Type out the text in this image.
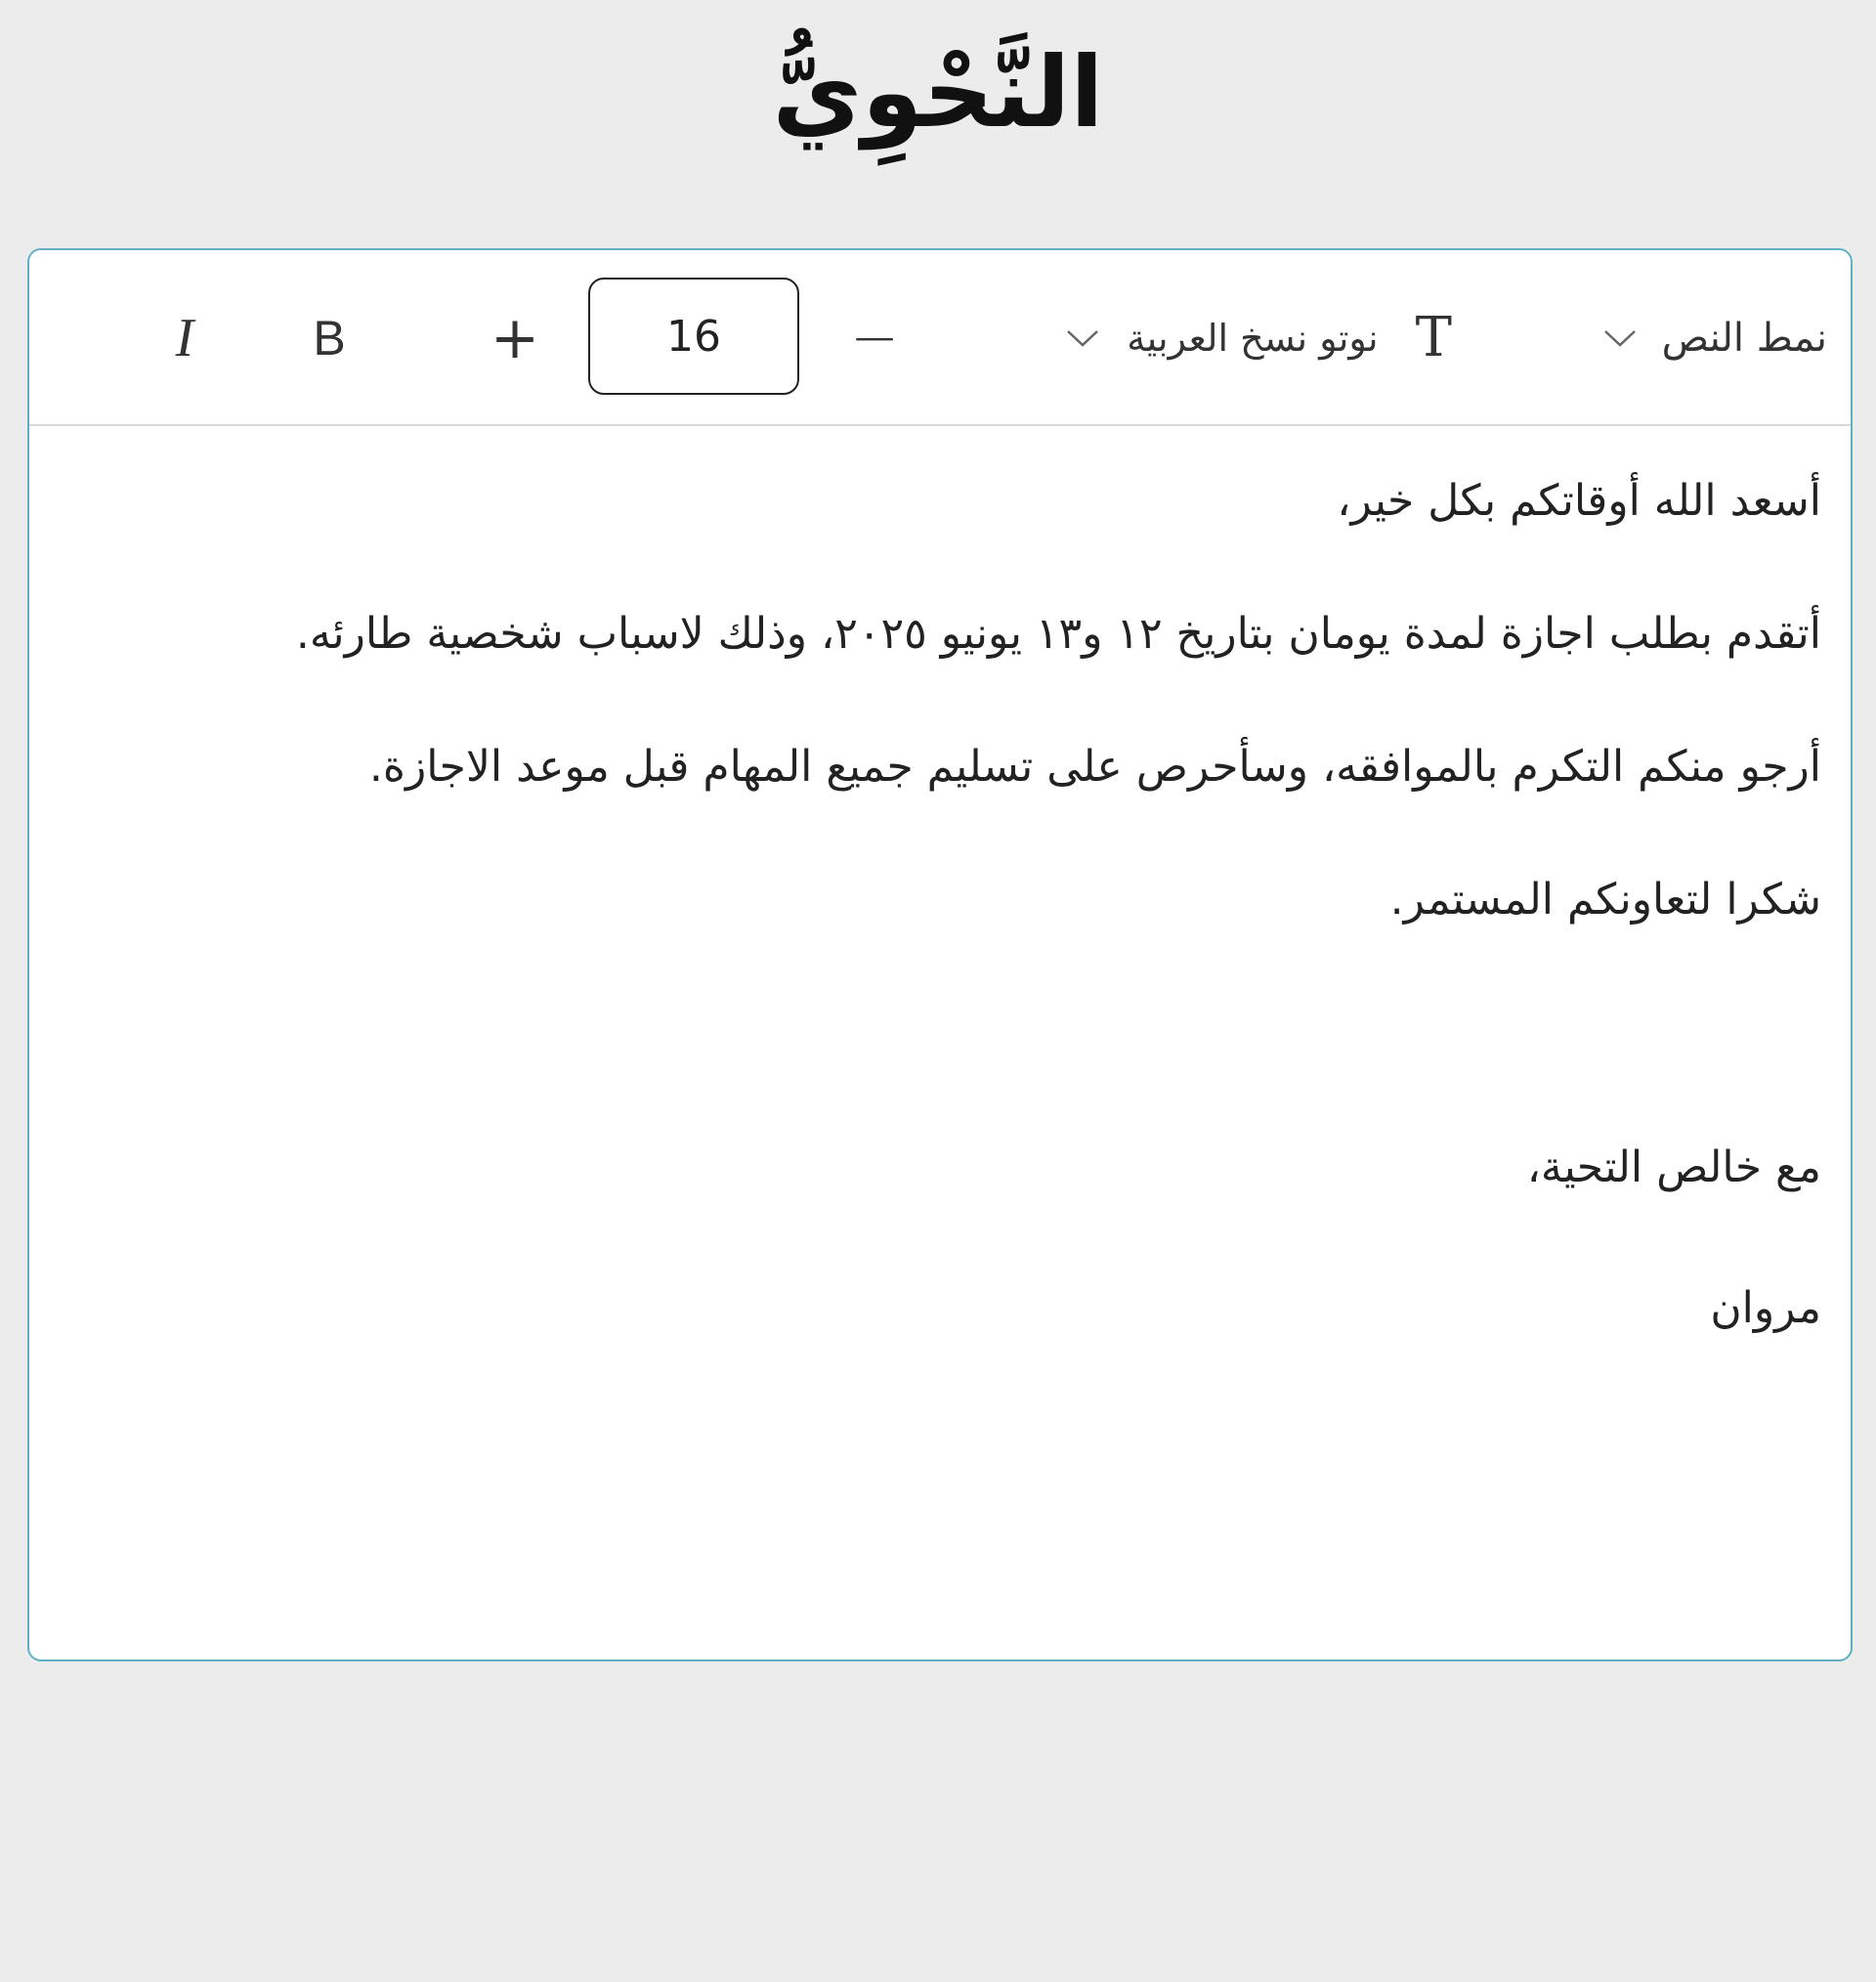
النَّحْوِيُّ
نمط النص
T
نوتو نسخ العربية
−
16
+
B
I

أسعد الله أوقاتكم بكل خير،

أتقدم بطلب اجازة لمدة يومان بتاريخ ١٢ و١٣ يونيو ٢٠٢٥، وذلك لاسباب شخصية طارئه.

أرجو منكم التكرم بالموافقه، وسأحرص على تسليم جميع المهام قبل موعد الاجازة.

شكرا لتعاونكم المستمر.

مع خالص التحية،

مروان
